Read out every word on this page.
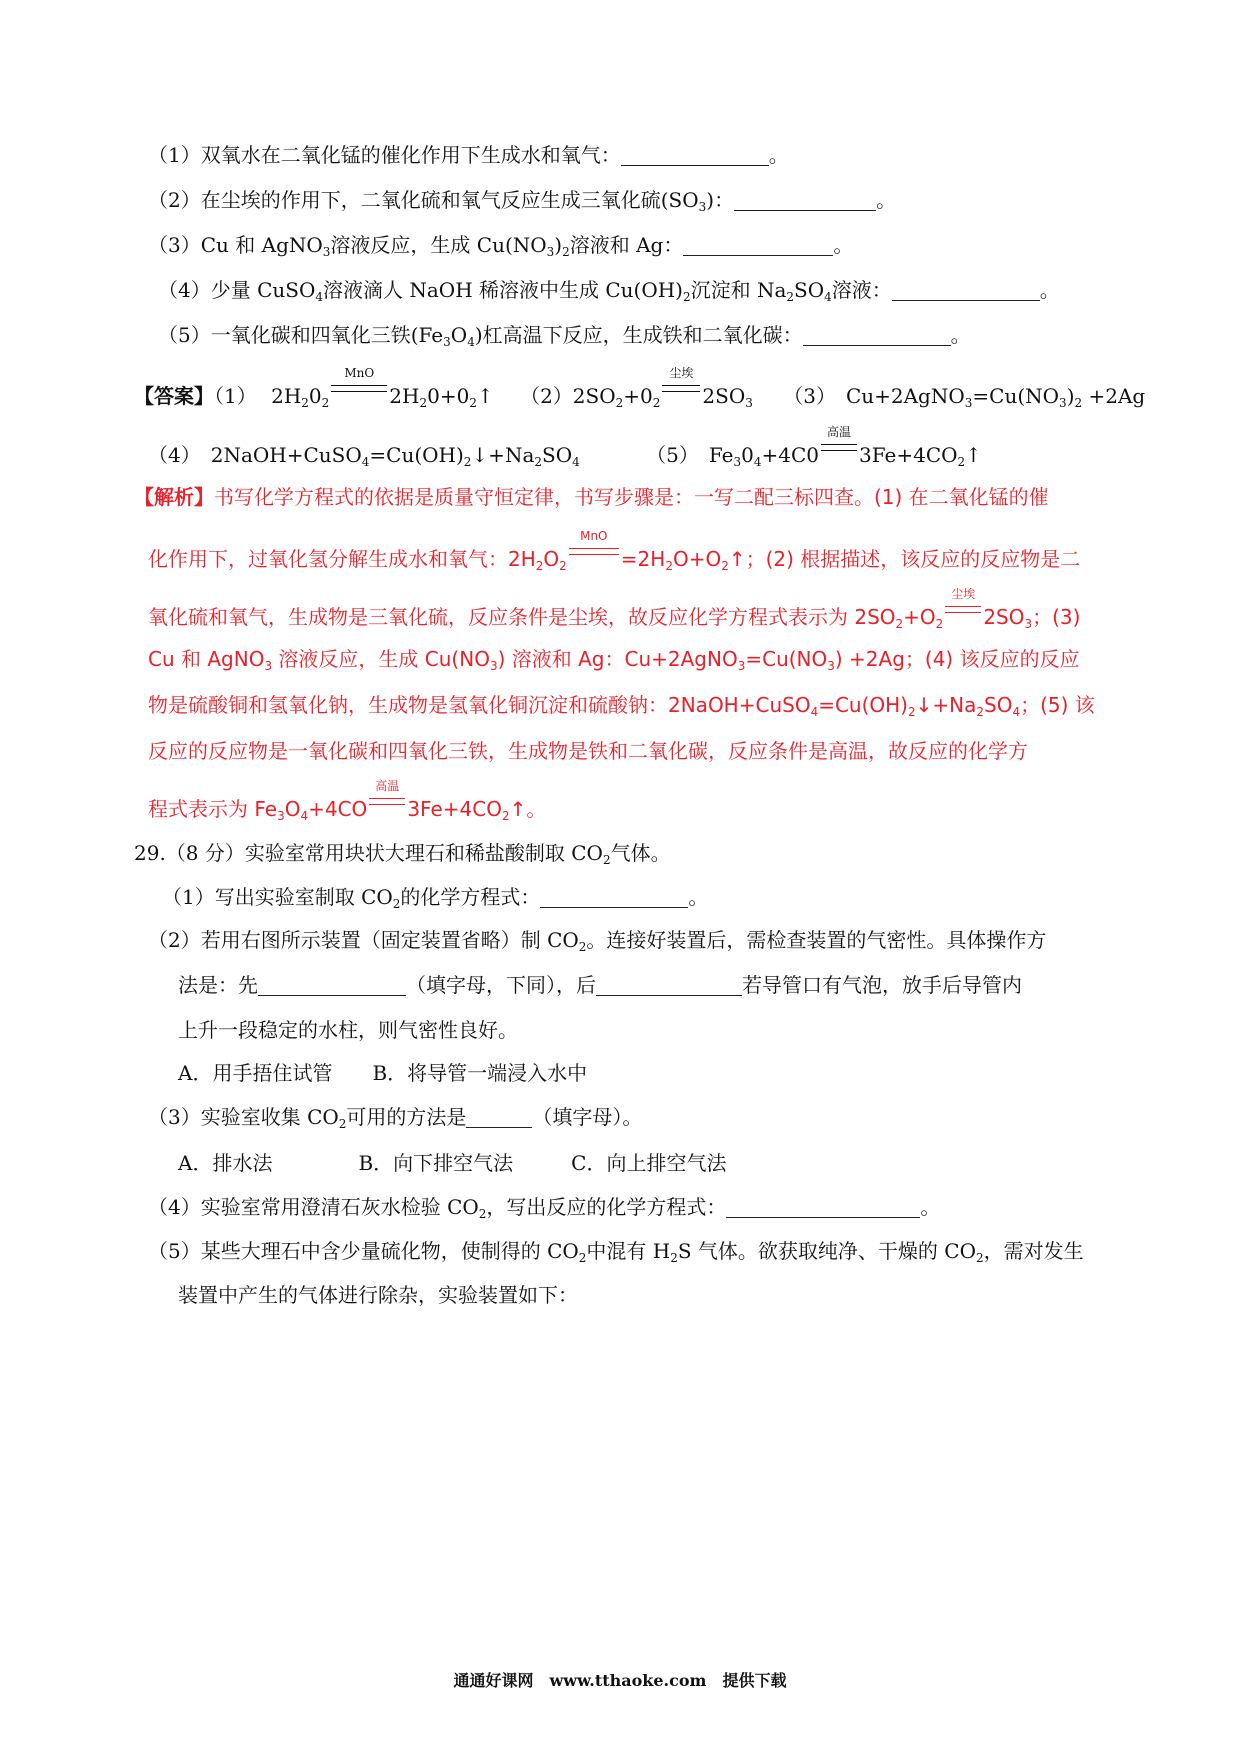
（1）双氧水在二氧化锰的催化作用下生成水和氧气：	。
（2）在尘埃的作用下，二氧化硫和氧气反应生成三氧化硫$(SO_3)$：	。
（3）Cu 和 AgNO$_3$溶液反应，生成 $Cu(NO_3)_2$溶液和 Ag：	。
（4）少量 CuSO$_4$溶液滴人 NaOH 稀溶液中生成 $Cu(OH)_2$沉淀和 $Na_2SO_4$溶液：	。
（5）一氧化碳和四氧化三铁$(Fe_3O_4)$杠高温下反应，生成铁和二氧化碳：	。
【答案】（1） $2H_20_2$
MnO
$2H_20+0_2↑$ $(2)2SO_2+0_2$
尘埃
$2SO_3$ （3）　$Cu+2AgNO_3=Cu(NO_3)_2 +2Ag$
（4）　$2NaOH+CuSO_4=Cu(OH)_2↓+Na_2SO_4$	（5）　$Fe_30_4+4C0$
高温
$3Fe+4CO_2↑$
【解析】书写化学方程式的依据是质量守恒定律，书写步骤是：一写二配三标四查。(1) 在二氧化锰的催
化作用下，过氧化氢分解生成水和氧气：$2H_2O_2$
MnO
$=2H_2O+O_2↑$；(2) 根据描述，该反应的反应物是二
氧化硫和氧气，生成物是三氧化硫，反应条件是尘埃，故反应化学方程式表示为 $2SO_2+O_2$
尘埃
$2SO_3$；(3)
Cu 和 AgNO$_3$ 溶液反应，生成 $Cu(NO_3)$ 溶液和 Ag：$Cu+2AgNO_3=Cu(NO_3) +2Ag$；(4) 该反应的反应
物是硫酸铜和氢氧化钠，生成物是氢氧化铜沉淀和硫酸钠：$2NaOH+CuSO_4=Cu(OH)_2↓+Na_2SO_4$；(5) 该
反应的反应物是一氧化碳和四氧化三铁，生成物是铁和二氧化碳，反应条件是高温，故反应的化学方
程式表示为 $Fe_3O_4+4CO$
高温
$3Fe+4CO_2↑$。
29.（8 分）实验室常用块状大理石和稀盐酸制取 $CO_2$气体。
（1）写出实验室制取 $CO_2$的化学方程式：	。
（2）若用右图所示装置（固定装置省略）制 $CO_2$。连接好装置后，需检查装置的气密性。具体操作方
法是：先	（填字母，下同），后	若导管口有气泡，放手后导管内
上升一段稳定的水柱，则气密性良好。
A．用手捂住试管 B．将导管一端浸入水中
（3）实验室收集 $CO_2$可用的方法是	（填字母）。
A．排水法	B．向下排空气法	C．向上排空气法
（4）实验室常用澄清石灰水检验 $CO_2$，写出反应的化学方程式：	。
（5）某些大理石中含少量硫化物，使制得的 $CO_2$中混有 $H_2S$ 气体。欲获取纯净、干燥的 $CO_2$，需对发生
装置中产生的气体进行除杂，实验装置如下：
通通好课网　www.tthaoke.com　提供下载
